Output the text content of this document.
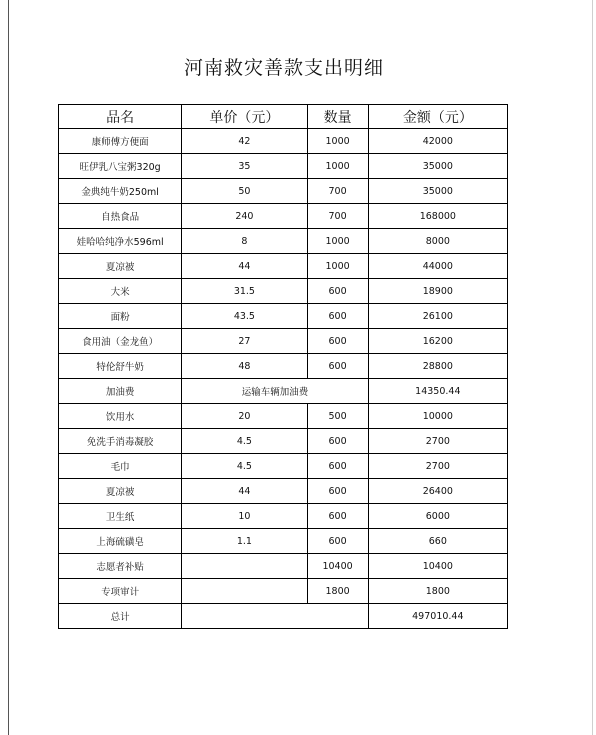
河南救灾善款支出明细
品名	单价（元）	数量	金额（元）
康师傅方便面	42	1000	42000
旺伊乳八宝粥320g	35	1000	35000
金典纯牛奶250ml	50	700	35000
自热食品	240	700	168000
娃哈哈纯净水596ml	8	1000	8000
夏凉被	44	1000	44000
大米	31.5	600	18900
面粉	43.5	600	26100
食用油（金龙鱼）	27	600	16200
特伦舒牛奶	48	600	28800
加油费	运输车辆加油费		14350.44
饮用水	20	500	10000
免洗手消毒凝胶	4.5	600	2700
毛巾	4.5	600	2700
夏凉被	44	600	26400
卫生纸	10	600	6000
上海硫磺皂	1.1	600	660
志愿者补贴		10400	10400
专项审计		1800	1800
总计			497010.44
